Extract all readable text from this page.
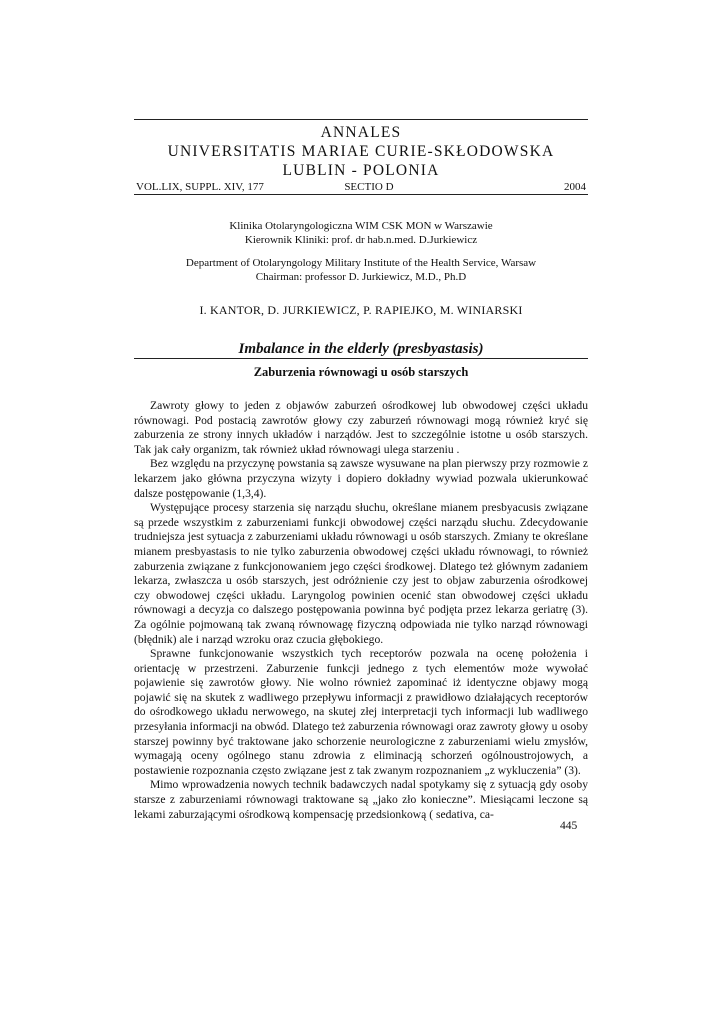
ANNALES
UNIVERSITATIS MARIAE CURIE-SKŁODOWSKA
LUBLIN - POLONIA
VOL.LIX, SUPPL. XIV, 177	SECTIO D	2004
Klinika Otolaryngologiczna WIM CSK MON w Warszawie
Kierownik Kliniki: prof. dr hab.n.med. D.Jurkiewicz
Department of Otolaryngology Military Institute of the Health Service, Warsaw
Chairman: professor D. Jurkiewicz, M.D., Ph.D
I. KANTOR, D. JURKIEWICZ, P. RAPIEJKO, M. WINIARSKI
Imbalance in the elderly (presbyastasis)
Zaburzenia równowagi u osób starszych

Zawroty głowy to jeden z objawów zaburzeń ośrodkowej lub obwodowej części układu równowagi. Pod postacią zawrotów głowy czy zaburzeń równowagi mogą również kryć się zaburzenia ze strony innych układów i narządów. Jest to szczególnie istotne u osób starszych. Tak jak cały organizm, tak również układ równowagi ulega starzeniu .

Bez względu na przyczynę powstania są zawsze wysuwane na plan pierwszy przy rozmowie z lekarzem jako główna przyczyna wizyty i dopiero dokładny wywiad pozwala ukierunkować dalsze postępowanie (1,3,4).

Występujące procesy starzenia się narządu słuchu, określane mianem presbyacusis związane są przede wszystkim z zaburzeniami funkcji obwodowej części narządu słuchu. Zdecydowanie trudniejsza jest sytuacja z zaburzeniami układu równowagi u osób starszych. Zmiany te określane mianem presbyastasis to nie tylko zaburzenia obwodowej części układu równowagi, to również zaburzenia związane z funkcjonowaniem jego części środkowej. Dlatego też głównym zadaniem lekarza, zwłaszcza u osób starszych, jest odróżnienie czy jest to objaw zaburzenia ośrodkowej czy obwodowej części układu. Laryngolog powinien ocenić stan obwodowej części układu równowagi a decyzja co dalszego postępowania powinna być podjęta przez lekarza geriatrę (3). Za ogólnie pojmowaną tak zwaną równowagę fizyczną odpowiada nie tylko narząd równowagi (błędnik) ale i narząd wzroku oraz czucia głębokiego.

Sprawne funkcjonowanie wszystkich tych receptorów pozwala na ocenę położenia i orientację w przestrzeni. Zaburzenie funkcji jednego z tych elementów może wywołać pojawienie się zawrotów głowy. Nie wolno również zapominać iż identyczne objawy mogą pojawić się na skutek z wadliwego przepływu informacji z prawidłowo działających receptorów do ośrodkowego układu nerwowego, na skutej złej interpretacji tych informacji lub wadliwego przesyłania informacji na obwód. Dlatego też zaburzenia równowagi oraz zawroty głowy u osoby starszej powinny być traktowane jako schorzenie neurologiczne z zaburzeniami wielu zmysłów, wymagają oceny ogólnego stanu zdrowia z eliminacją schorzeń ogólnoustrojowych, a postawienie rozpoznania często związane jest z tak zwanym rozpoznaniem „z wykluczenia” (3).

Mimo wprowadzenia nowych technik badawczych nadal spotykamy się z sytuacją gdy osoby starsze z zaburzeniami równowagi traktowane są „jako zło konieczne”. Miesiącami leczone są lekami zaburzającymi ośrodkową kompensację przedsionkową ( sedativa, ca-

445
